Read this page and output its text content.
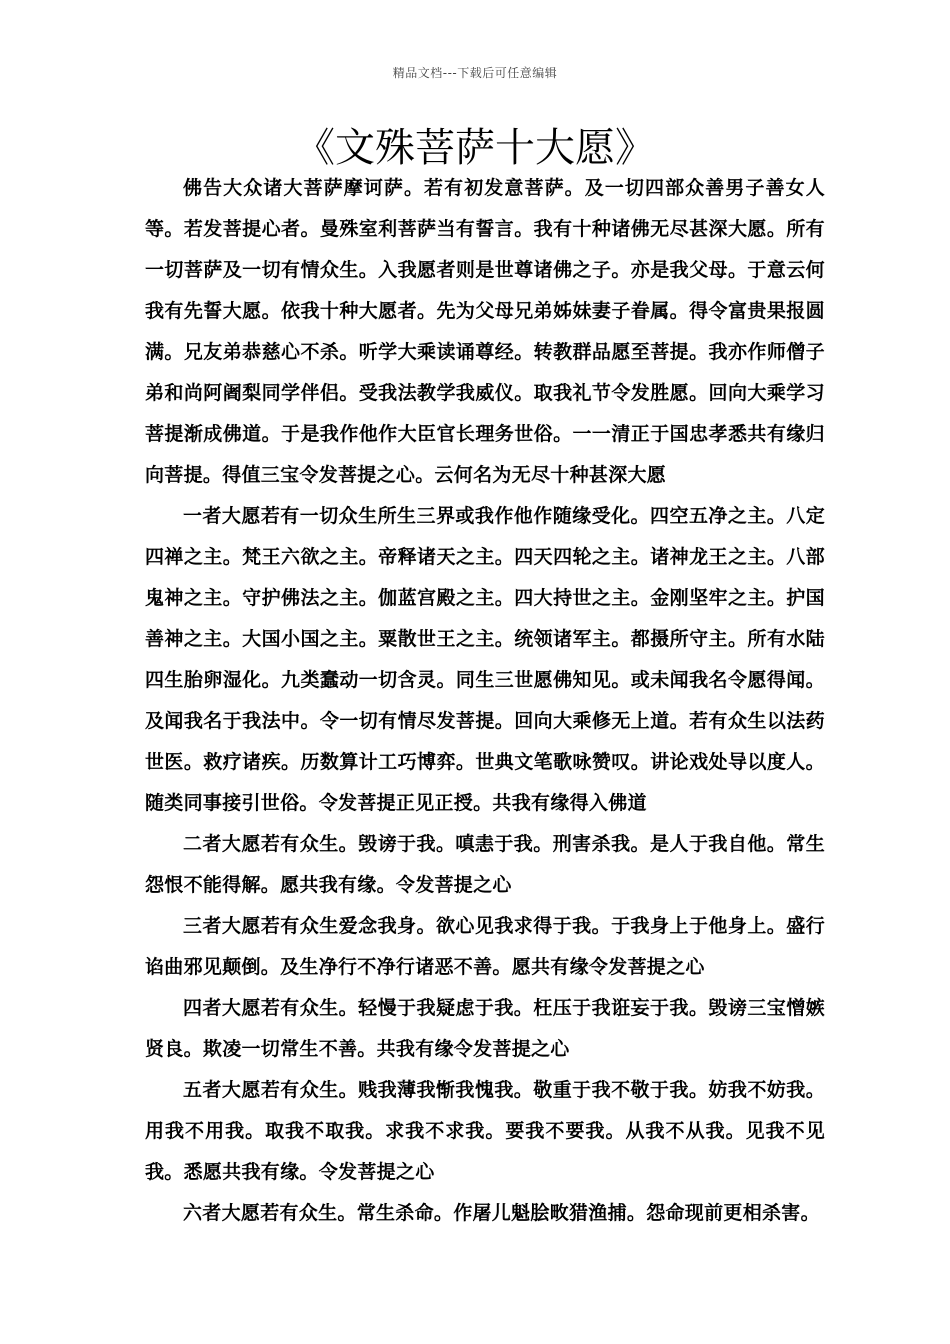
精品文档---下载后可任意编辑
《文殊菩萨十大愿》

佛告大众诸大菩萨摩诃萨。若有初发意菩萨。及一切四部众善男子善女人等。若发菩提心者。曼殊室利菩萨当有誓言。我有十种诸佛无尽甚深大愿。所有一切菩萨及一切有情众生。入我愿者则是世尊诸佛之子。亦是我父母。于意云何我有先誓大愿。依我十种大愿者。先为父母兄弟姊妹妻子眷属。得令富贵果报圆满。兄友弟恭慈心不杀。听学大乘读诵尊经。转教群品愿至菩提。我亦作师僧子弟和尚阿阇梨同学伴侣。受我法教学我威仪。取我礼节令发胜愿。回向大乘学习菩提渐成佛道。于是我作他作大臣官长理务世俗。一一清正于国忠孝悉共有缘归向菩提。得值三宝令发菩提之心。云何名为无尽十种甚深大愿

一者大愿若有一切众生所生三界或我作他作随缘受化。四空五净之主。八定四禅之主。梵王六欲之主。帝释诸天之主。四天四轮之主。诸神龙王之主。八部鬼神之主。守护佛法之主。伽蓝宫殿之主。四大持世之主。金刚坚牢之主。护国善神之主。大国小国之主。粟散世王之主。统领诸军主。都摄所守主。所有水陆四生胎卵湿化。九类蠢动一切含灵。同生三世愿佛知见。或未闻我名令愿得闻。及闻我名于我法中。令一切有情尽发菩提。回向大乘修无上道。若有众生以法药世医。救疗诸疾。历数算计工巧博弈。世典文笔歌咏赞叹。讲论戏处导以度人。随类同事接引世俗。令发菩提正见正授。共我有缘得入佛道

二者大愿若有众生。毁谤于我。嗔恚于我。刑害杀我。是人于我自他。常生怨恨不能得解。愿共我有缘。令发菩提之心

三者大愿若有众生爱念我身。欲心见我求得于我。于我身上于他身上。盛行谄曲邪见颠倒。及生净行不净行诸恶不善。愿共有缘令发菩提之心

四者大愿若有众生。轻慢于我疑虑于我。枉压于我诳妄于我。毁谤三宝憎嫉贤良。欺凌一切常生不善。共我有缘令发菩提之心

五者大愿若有众生。贱我薄我惭我愧我。敬重于我不敬于我。妨我不妨我。用我不用我。取我不取我。求我不求我。要我不要我。从我不从我。见我不见我。悉愿共我有缘。令发菩提之心

六者大愿若有众生。常生杀命。作屠儿魁脍畋猎渔捕。怨命现前更相杀害。
